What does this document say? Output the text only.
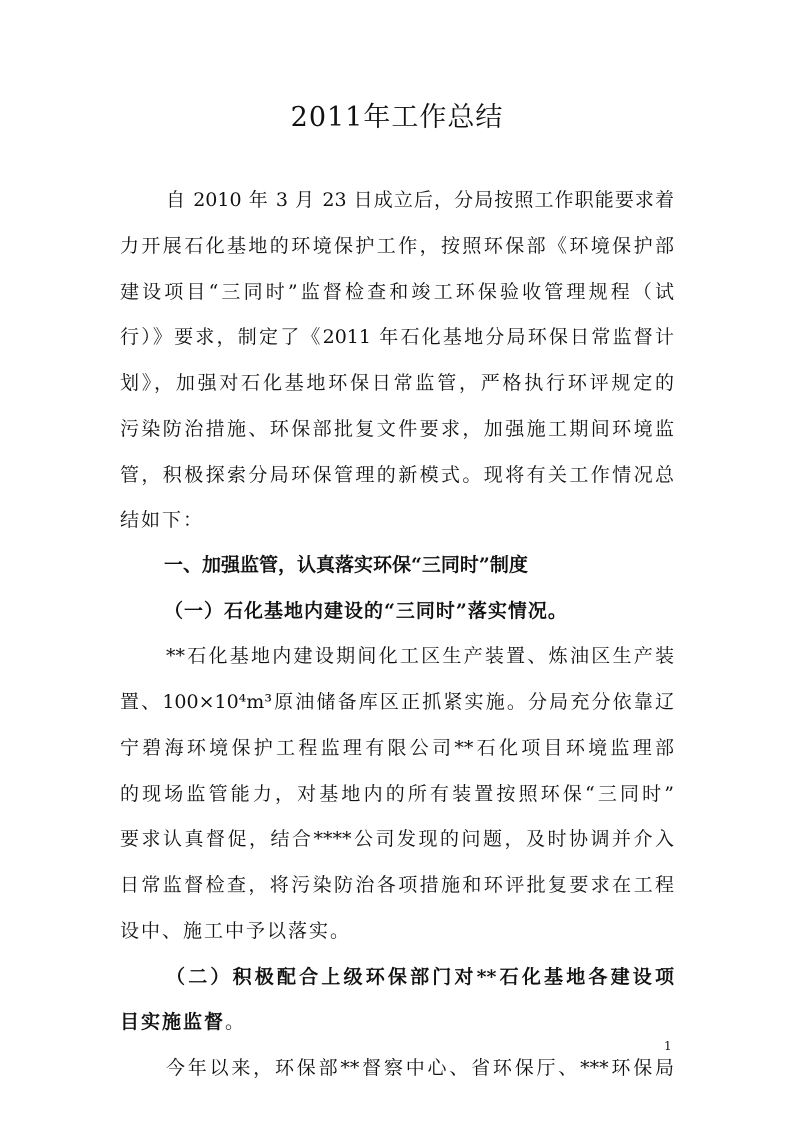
2011年工作总结
自 2010 年 3 月 23 日成立后，分局按照工作职能要求着
力开展石化基地的环境保护工作，按照环保部《环境保护部
建设项目“三同时”监督检查和竣工环保验收管理规程（试
行）》要求，制定了《2011 年石化基地分局环保日常监督计
划》，加强对石化基地环保日常监管，严格执行环评规定的
污染防治措施、环保部批复文件要求，加强施工期间环境监
管，积极探索分局环保管理的新模式。现将有关工作情况总
结如下：
一、加强监管，认真落实环保“三同时”制度
（一）石化基地内建设的“三同时”落实情况。
**石化基地内建设期间化工区生产装置、炼油区生产装
置、100×10⁴m³原油储备库区正抓紧实施。分局充分依靠辽
宁碧海环境保护工程监理有限公司**石化项目环境监理部
的现场监管能力，对基地内的所有装置按照环保“三同时”
要求认真督促，结合****公司发现的问题，及时协调并介入
日常监督检查，将污染防治各项措施和环评批复要求在工程
设中、施工中予以落实。
（二）积极配合上级环保部门对**石化基地各建设项
目实施监督。
今年以来，环保部**督察中心、省环保厅、***环保局
1
